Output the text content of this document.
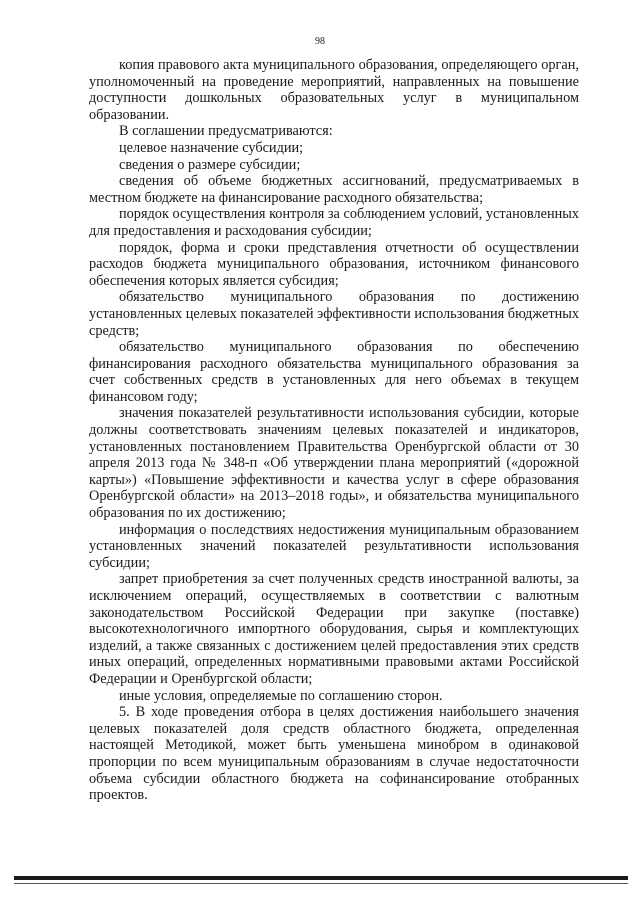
98

копия правового акта муниципального образования, определяющего орган, уполномоченный на проведение мероприятий, направленных на повышение доступности дошкольных образовательных услуг в муниципальном образовании.

В соглашении предусматриваются:

целевое назначение субсидии;

сведения о размере субсидии;

сведения об объеме бюджетных ассигнований, предусматриваемых в местном бюджете на финансирование расходного обязательства;

порядок осуществления контроля за соблюдением условий, установленных для предоставления и расходования субсидии;

порядок, форма и сроки представления отчетности об осуществлении расходов бюджета муниципального образования, источником финансового обеспечения которых является субсидия;

обязательство муниципального образования по достижению установленных целевых показателей эффективности использования бюджетных средств;

обязательство муниципального образования по обеспечению финансирования расходного обязательства муниципального образования за счет собственных средств в установленных для него объемах в текущем финансовом году;

значения показателей результативности использования субсидии, которые должны соответствовать значениям целевых показателей и индикаторов, установленных постановлением Правительства Оренбургской области от 30 апреля 2013 года № 348-п «Об утверждении плана мероприятий («дорожной карты») «Повышение эффективности и качества услуг в сфере образования Оренбургской области» на 2013–2018 годы», и обязательства муниципального образования по их достижению;

информация о последствиях недостижения муниципальным образованием установленных значений показателей результативности использования субсидии;

запрет приобретения за счет полученных средств иностранной валюты, за исключением операций, осуществляемых в соответствии с валютным законодательством Российской Федерации при закупке (поставке) высокотехнологичного импортного оборудования, сырья и комплектующих изделий, а также связанных с достижением целей предоставления этих средств иных операций, определенных нормативными правовыми актами Российской Федерации и Оренбургской области;

иные условия, определяемые по соглашению сторон.

5. В ходе проведения отбора в целях достижения наибольшего значения целевых показателей доля средств областного бюджета, определенная настоящей Методикой, может быть уменьшена минобром в одинаковой пропорции по всем муниципальным образованиям в случае недостаточности объема субсидии областного бюджета на софинансирование отобранных проектов.
